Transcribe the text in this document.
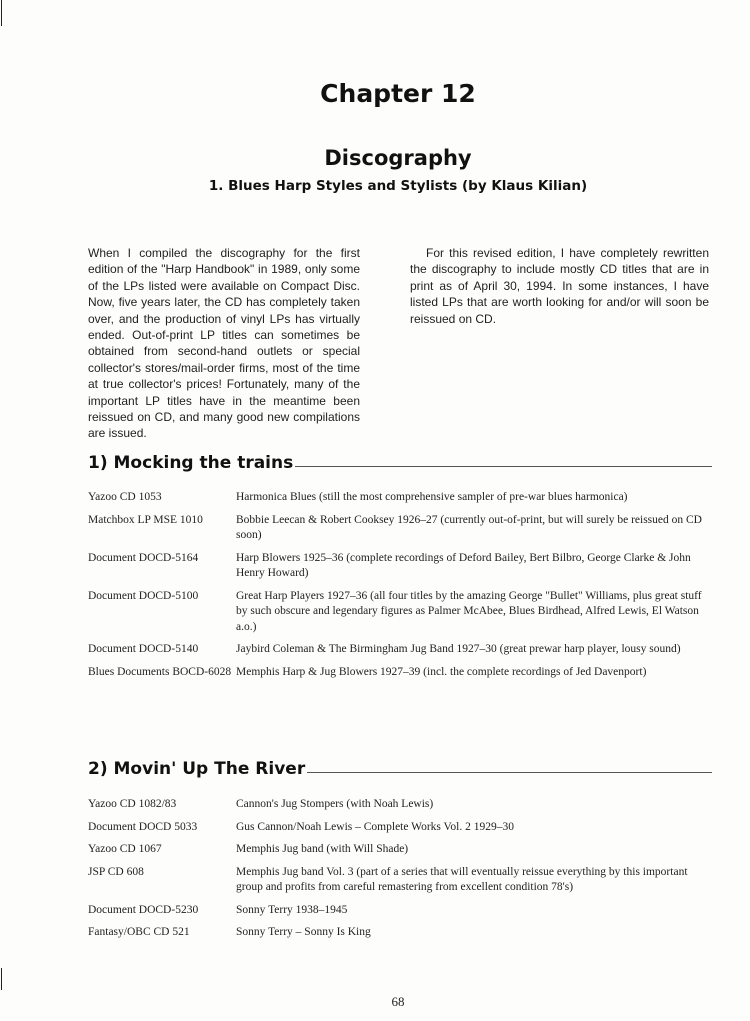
Chapter 12
Discography
1. Blues Harp Styles and Stylists (by Klaus Kilian)
When I compiled the discography for the first edition of the "Harp Handbook" in 1989, only some of the LPs listed were available on Compact Disc. Now, five years later, the CD has completely taken over, and the production of vinyl LPs has virtually ended. Out-of-print LP titles can sometimes be obtained from second-hand outlets or special collector's stores/mail-order firms, most of the time at true collector's prices! Fortunately, many of the important LP titles have in the meantime been reissued on CD, and many good new compilations are issued.
For this revised edition, I have completely rewritten the discography to include mostly CD titles that are in print as of April 30, 1994. In some instances, I have listed LPs that are worth looking for and/or will soon be reissued on CD.
1) Mocking the trains
Yazoo CD 1053	Harmonica Blues (still the most comprehensive sampler of pre-war blues harmonica)
Matchbox LP MSE 1010	Bobbie Leecan & Robert Cooksey 1926–27 (currently out-of-print, but will surely be reissued on CD soon)
Document DOCD-5164	Harp Blowers 1925–36 (complete recordings of Deford Bailey, Bert Bilbro, George Clarke & John Henry Howard)
Document DOCD-5100	Great Harp Players 1927–36 (all four titles by the amazing George "Bullet" Williams, plus great stuff by such obscure and legendary figures as Palmer McAbee, Blues Birdhead, Alfred Lewis, El Watson a.o.)
Document DOCD-5140	Jaybird Coleman & The Birmingham Jug Band 1927–30 (great prewar harp player, lousy sound)
Blues Documents BOCD-6028 Memphis Harp & Jug Blowers 1927–39 (incl. the complete recordings of Jed Davenport)
2) Movin' Up The River
Yazoo CD 1082/83	Cannon's Jug Stompers (with Noah Lewis)
Document DOCD 5033	Gus Cannon/Noah Lewis – Complete Works Vol. 2 1929–30
Yazoo CD 1067	Memphis Jug band (with Will Shade)
JSP CD 608	Memphis Jug band Vol. 3 (part of a series that will eventually reissue everything by this important group and profits from careful remastering from excellent condition 78's)
Document DOCD-5230	Sonny Terry 1938–1945
Fantasy/OBC CD 521	Sonny Terry – Sonny Is King
68
